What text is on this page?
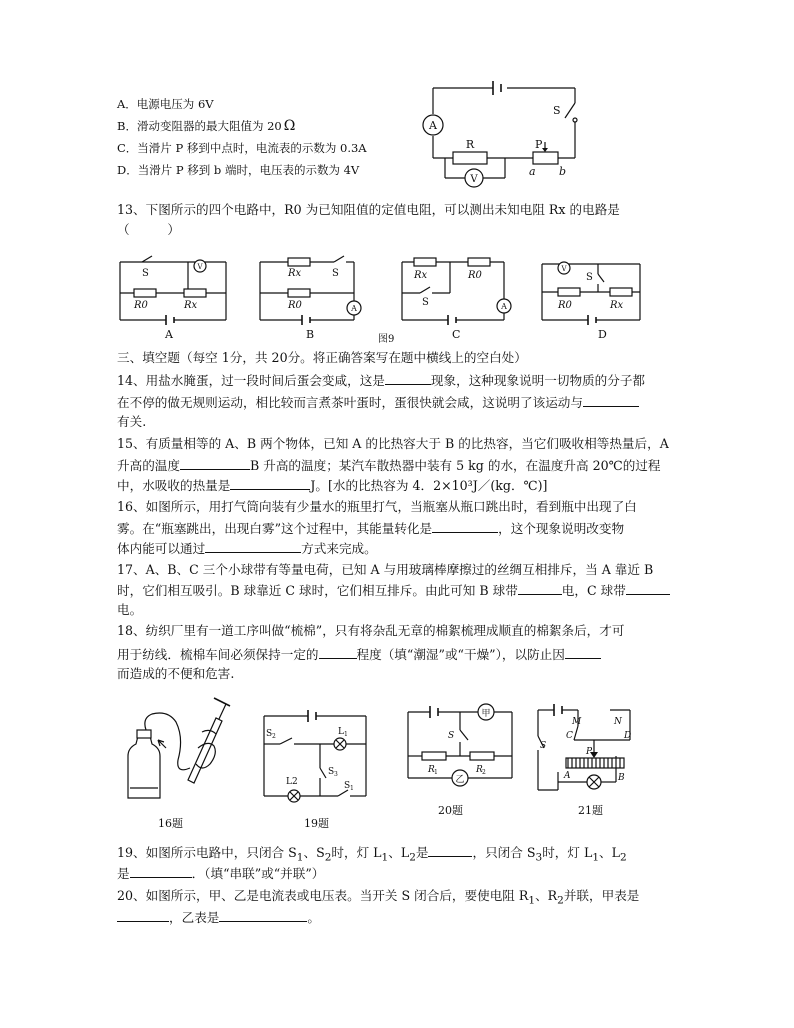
A．电源电压为 6V
B．滑动变阻器的最大阻值为 20 Ω
C．当滑片 P 移到中点时，电流表的示数为 0.3A
D．当滑片 P 移到 b 端时，电压表的示数为 4V
A
R	P
a b
V
S
13、下图所示的四个电路中，R0 为已知阻值的定值电阻，可以测出未知电阻 Rx 的电路是
（　　　）
S
V
R0	Rx
Rx	S
R0	A
Rx	R0
S	A
V
S
R0	Rx
A	B	图9	C	D
三、填空题（每空 1分，共 20分。将正确答案写在题中横线上的空白处）
14、用盐水腌蛋，过一段时间后蛋会变咸，这是	现象，这种现象说明一切物质的分子都
在不停的做无规则运动，相比较而言煮茶叶蛋时，蛋很快就会咸，这说明了该运动与
有关.
15、有质量相等的 A、B 两个物体，已知 A 的比热容大于 B 的比热容，当它们吸收相等热量后，A
升高的温度	B 升高的温度；某汽车散热器中装有 5 kg 的水，在温度升高 20℃的过程
中，水吸收的热量是	J。[水的比热容为 4．2×10³J／(kg．℃)]
16、如图所示，用打气筒向装有少量水的瓶里打气，当瓶塞从瓶口跳出时，看到瓶中出现了白
雾。在“瓶塞跳出，出现白雾”这个过程中，其能量转化是	，这个现象说明改变物
体内能可以通过	方式来完成。
17、A、B、C 三个小球带有等量电荷，已知 A 与用玻璃棒摩擦过的丝绸互相排斥，当 A 靠近 B
时，它们相互吸引。B 球靠近 C 球时，它们相互排斥。由此可知 B 球带	电，C 球带
电。
18、纺织厂里有一道工序叫做“梳棉”，只有将杂乱无章的棉絮梳理成顺直的棉絮条后，才可
用于纺线．梳棉车间必须保持一定的	程度（填“潮湿”或“干燥”），以防止因
而造成的不便和危害.
S 2	L 1
S 3
L2	S 1
甲
S
R 1	R 2
乙
S
P
M	N
C	D
A	B
16题	19题
20题	21题
19、如图所示电路中，只闭合 $S_1$、$S_2$时，灯 $L_1$、$L_2$是	，只闭合 $S_3$时，灯 $L_1$、$L_2$
是	．（填“串联”或“并联”）
20、如图所示，甲、乙是电流表或电压表。当开关 S 闭合后，要使电阻 $R_1$、$R_2$并联，甲表是
，乙表是	。
